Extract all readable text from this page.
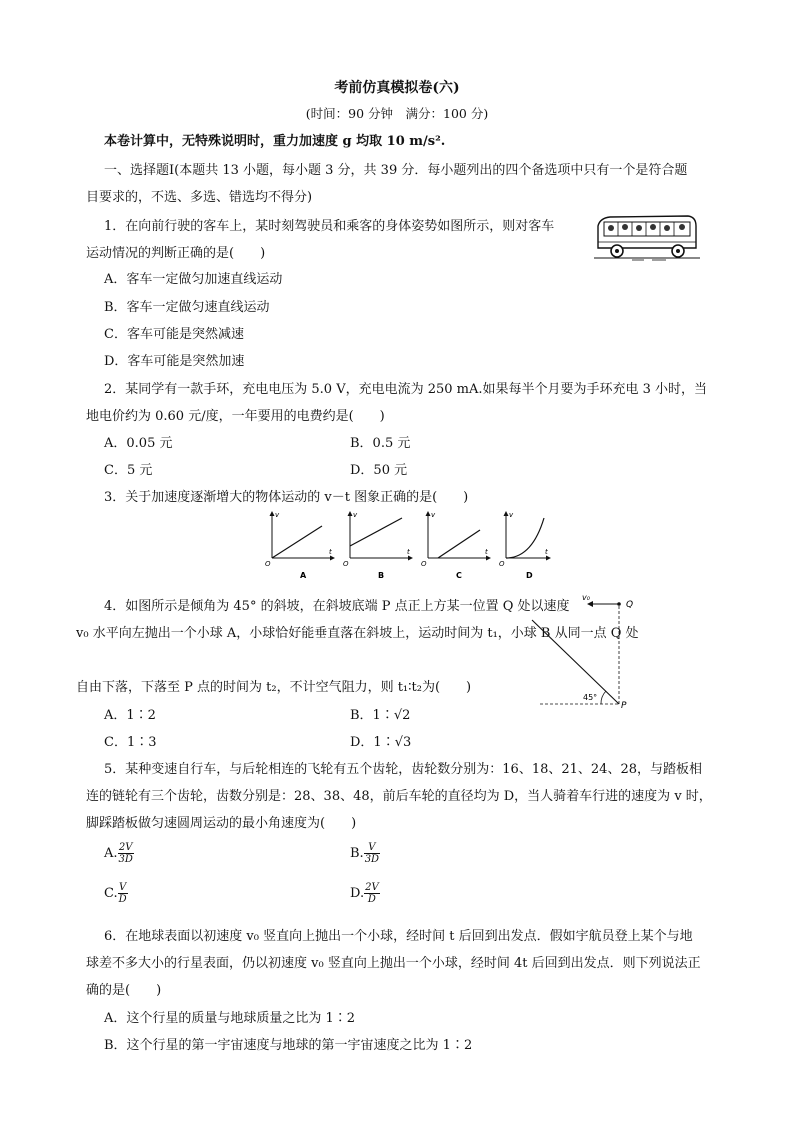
考前仿真模拟卷(六)
(时间：90 分钟　满分：100 分)
本卷计算中，无特殊说明时，重力加速度 g 均取 10 m/s².
一、选择题Ⅰ(本题共 13 小题，每小题 3 分，共 39 分．每小题列出的四个备选项中只有一个是符合题
目要求的，不选、多选、错选均不得分)
1．在向前行驶的客车上，某时刻驾驶员和乘客的身体姿势如图所示，则对客车
运动情况的判断正确的是(　　)
A．客车一定做匀加速直线运动
B．客车一定做匀速直线运动
C．客车可能是突然减速
D．客车可能是突然加速
2．某同学有一款手环，充电电压为 5.0 V，充电电流为 250 mA.如果每半个月要为手环充电 3 小时，当
地电价约为 0.60 元/度，一年要用的电费约是(　　)
A．0.05 元	B．0.5 元
C．5 元	D．50 元
3．关于加速度逐渐增大的物体运动的 v－t 图象正确的是(　　)
v
t
O
A
v
t
O
B
v
t
O
C
v
t
O
D
4．如图所示是倾角为 45° 的斜坡，在斜坡底端 P 点正上方某一位置 Q 处以速度
v₀ 水平向左抛出一个小球 A，小球恰好能垂直落在斜坡上，运动时间为 t₁，小球 B 从同一点 Q 处
自由下落，下落至 P 点的时间为 t₂，不计空气阻力，则 t₁∶t₂为(　　)
A．1∶2	B．1∶√2
C．1∶3	D．1∶√3
v₀
Q
45°
P
5．某种变速自行车，与后轮相连的飞轮有五个齿轮，齿轮数分别为：16、18、21、24、28，与踏板相
连的链轮有三个齿轮，齿数分别是：28、38、48，前后车轮的直径均为 D，当人骑着车行进的速度为 v 时，
脚踩踏板做匀速圆周运动的最小角速度为(　　)
A. $\frac{2V}{3D}$	B. $\frac{V}{3D}$
C. $\frac{V}{D}$	D. $\frac{2V}{D}$
6．在地球表面以初速度 v₀ 竖直向上抛出一个小球，经时间 t 后回到出发点．假如宇航员登上某个与地
球差不多大小的行星表面，仍以初速度 v₀ 竖直向上抛出一个小球，经时间 4t 后回到出发点．则下列说法正
确的是(　　)
A．这个行星的质量与地球质量之比为 1∶2
B．这个行星的第一宇宙速度与地球的第一宇宙速度之比为 1∶2
